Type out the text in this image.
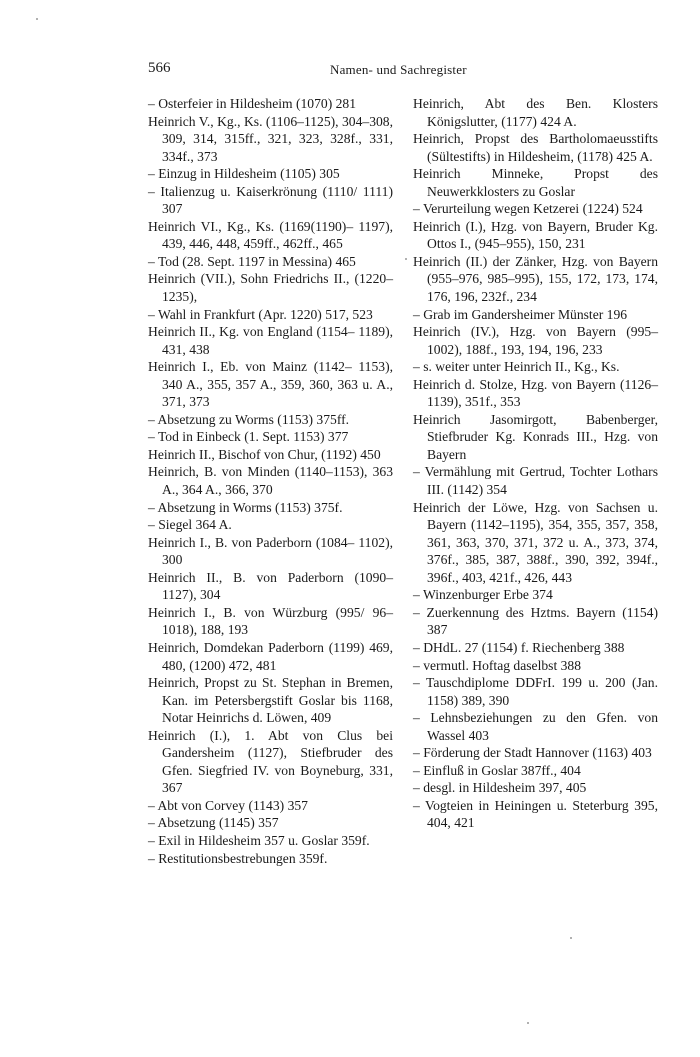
566	Namen- und Sachregister

– Osterfeier in Hildesheim (1070) 281

Heinrich V., Kg., Ks. (1106–1125), 304–308, 309, 314, 315ff., 321, 323, 328f., 331, 334f., 373

– Einzug in Hildesheim (1105) 305

– Italienzug u. Kaiserkrönung (1110/ 1111) 307

Heinrich VI., Kg., Ks. (1169(1190)– 1197), 439, 446, 448, 459ff., 462ff., 465

– Tod (28. Sept. 1197 in Messina) 465

Heinrich (VII.), Sohn Friedrichs II., (1220–1235),

– Wahl in Frankfurt (Apr. 1220) 517, 523

Heinrich II., Kg. von England (1154– 1189), 431, 438

Heinrich I., Eb. von Mainz (1142– 1153), 340 A., 355, 357 A., 359, 360, 363 u. A., 371, 373

– Absetzung zu Worms (1153) 375ff.

– Tod in Einbeck (1. Sept. 1153) 377

Heinrich II., Bischof von Chur, (1192) 450

Heinrich, B. von Minden (1140–1153), 363 A., 364 A., 366, 370

– Absetzung in Worms (1153) 375f.

– Siegel 364 A.

Heinrich I., B. von Paderborn (1084– 1102), 300

Heinrich II., B. von Paderborn (1090– 1127), 304

Heinrich I., B. von Würzburg (995/ 96–1018), 188, 193

Heinrich, Domdekan Paderborn (1199) 469, 480, (1200) 472, 481

Heinrich, Propst zu St. Stephan in Bremen, Kan. im Petersbergstift Goslar bis 1168, Notar Heinrichs d. Löwen, 409

Heinrich (I.), 1. Abt von Clus bei Gandersheim (1127), Stiefbruder des Gfen. Siegfried IV. von Boyneburg, 331, 367

– Abt von Corvey (1143) 357

– Absetzung (1145) 357

– Exil in Hildesheim 357 u. Goslar 359f.

– Restitutionsbestrebungen 359f.

Heinrich, Abt des Ben. Klosters Königslutter, (1177) 424 A.

Heinrich, Propst des Bartholomaeusstifts (Sültestifts) in Hildesheim, (1178) 425 A.

Heinrich Minneke, Propst des Neuwerkklosters zu Goslar

– Verurteilung wegen Ketzerei (1224) 524

Heinrich (I.), Hzg. von Bayern, Bruder Kg. Ottos I., (945–955), 150, 231

Heinrich (II.) der Zänker, Hzg. von Bayern (955–976, 985–995), 155, 172, 173, 174, 176, 196, 232f., 234

– Grab im Gandersheimer Münster 196

Heinrich (IV.), Hzg. von Bayern (995– 1002), 188f., 193, 194, 196, 233

– s. weiter unter Heinrich II., Kg., Ks.

Heinrich d. Stolze, Hzg. von Bayern (1126–1139), 351f., 353

Heinrich Jasomirgott, Babenberger, Stiefbruder Kg. Konrads III., Hzg. von Bayern

– Vermählung mit Gertrud, Tochter Lothars III. (1142) 354

Heinrich der Löwe, Hzg. von Sachsen u. Bayern (1142–1195), 354, 355, 357, 358, 361, 363, 370, 371, 372 u. A., 373, 374, 376f., 385, 387, 388f., 390, 392, 394f., 396f., 403, 421f., 426, 443

– Winzenburger Erbe 374

– Zuerkennung des Hztms. Bayern (1154) 387

– DHdL. 27 (1154) f. Riechenberg 388

– vermutl. Hoftag daselbst 388

– Tauschdiplome DDFrI. 199 u. 200 (Jan. 1158) 389, 390

– Lehnsbeziehungen zu den Gfen. von Wassel 403

– Förderung der Stadt Hannover (1163) 403

– Einfluß in Goslar 387ff., 404

– desgl. in Hildesheim 397, 405

– Vogteien in Heiningen u. Steterburg 395, 404, 421
